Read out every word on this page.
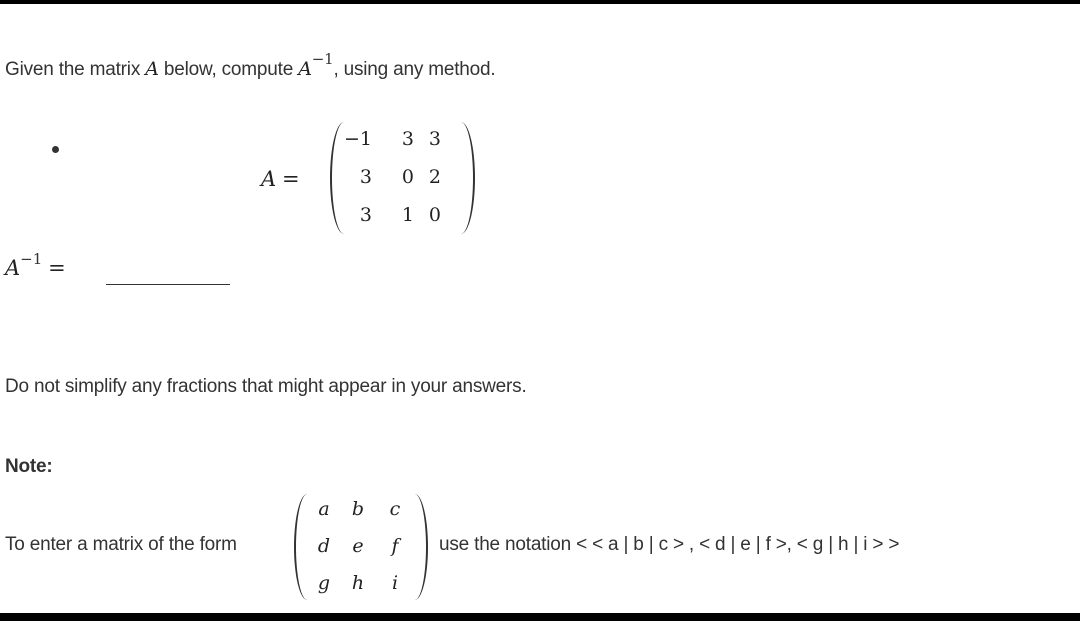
Given the matrix A below, compute $A^{-1}$, using any method.
A =
−1	3 3
3	0 2
3	1 0
$A^{-1}$ =
Do not simplify any fractions that might appear in your answers.
Note:
To enter a matrix of the form
a b c
d e	f
g h	i
use the notation < < a | b | c > , < d | e | f >, < g | h | i > >
